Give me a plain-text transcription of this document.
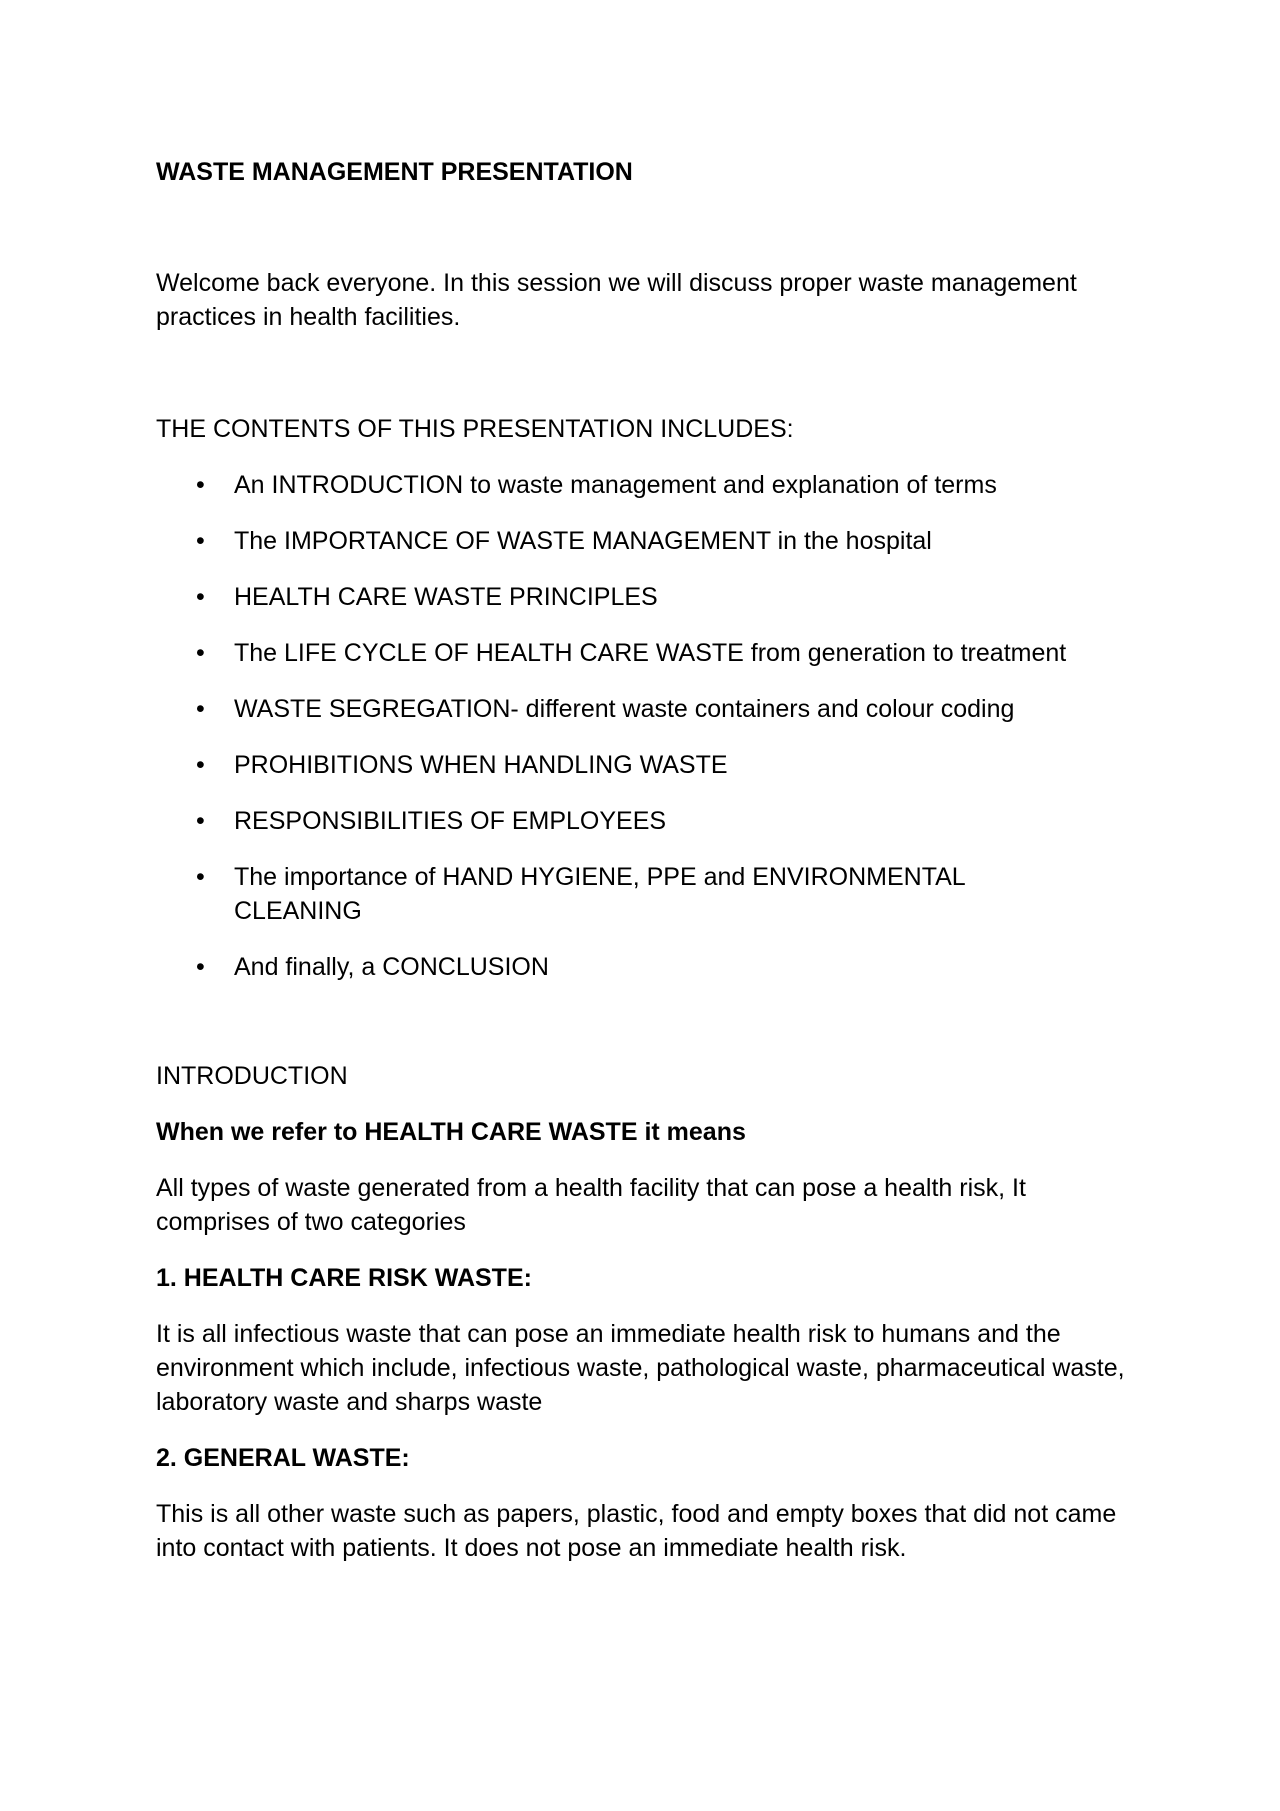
WASTE MANAGEMENT PRESENTATION

Welcome back everyone. In this session we will discuss proper waste management practices in health facilities.

THE CONTENTS OF THIS PRESENTATION INCLUDES:

• An INTRODUCTION to waste management and explanation of terms
• The IMPORTANCE OF WASTE MANAGEMENT in the hospital
• HEALTH CARE WASTE PRINCIPLES
• The LIFE CYCLE OF HEALTH CARE WASTE from generation to treatment
• WASTE SEGREGATION- different waste containers and colour coding
• PROHIBITIONS WHEN HANDLING WASTE
• RESPONSIBILITIES OF EMPLOYEES
• The importance of HAND HYGIENE, PPE and ENVIRONMENTAL CLEANING
• And finally, a CONCLUSION

INTRODUCTION

When we refer to HEALTH CARE WASTE it means

All types of waste generated from a health facility that can pose a health risk, It comprises of two categories

1. HEALTH CARE RISK WASTE:

It is all infectious waste that can pose an immediate health risk to humans and the environment which include, infectious waste, pathological waste, pharmaceutical waste, laboratory waste and sharps waste

2. GENERAL WASTE:

This is all other waste such as papers, plastic, food and empty boxes that did not came into contact with patients. It does not pose an immediate health risk.
